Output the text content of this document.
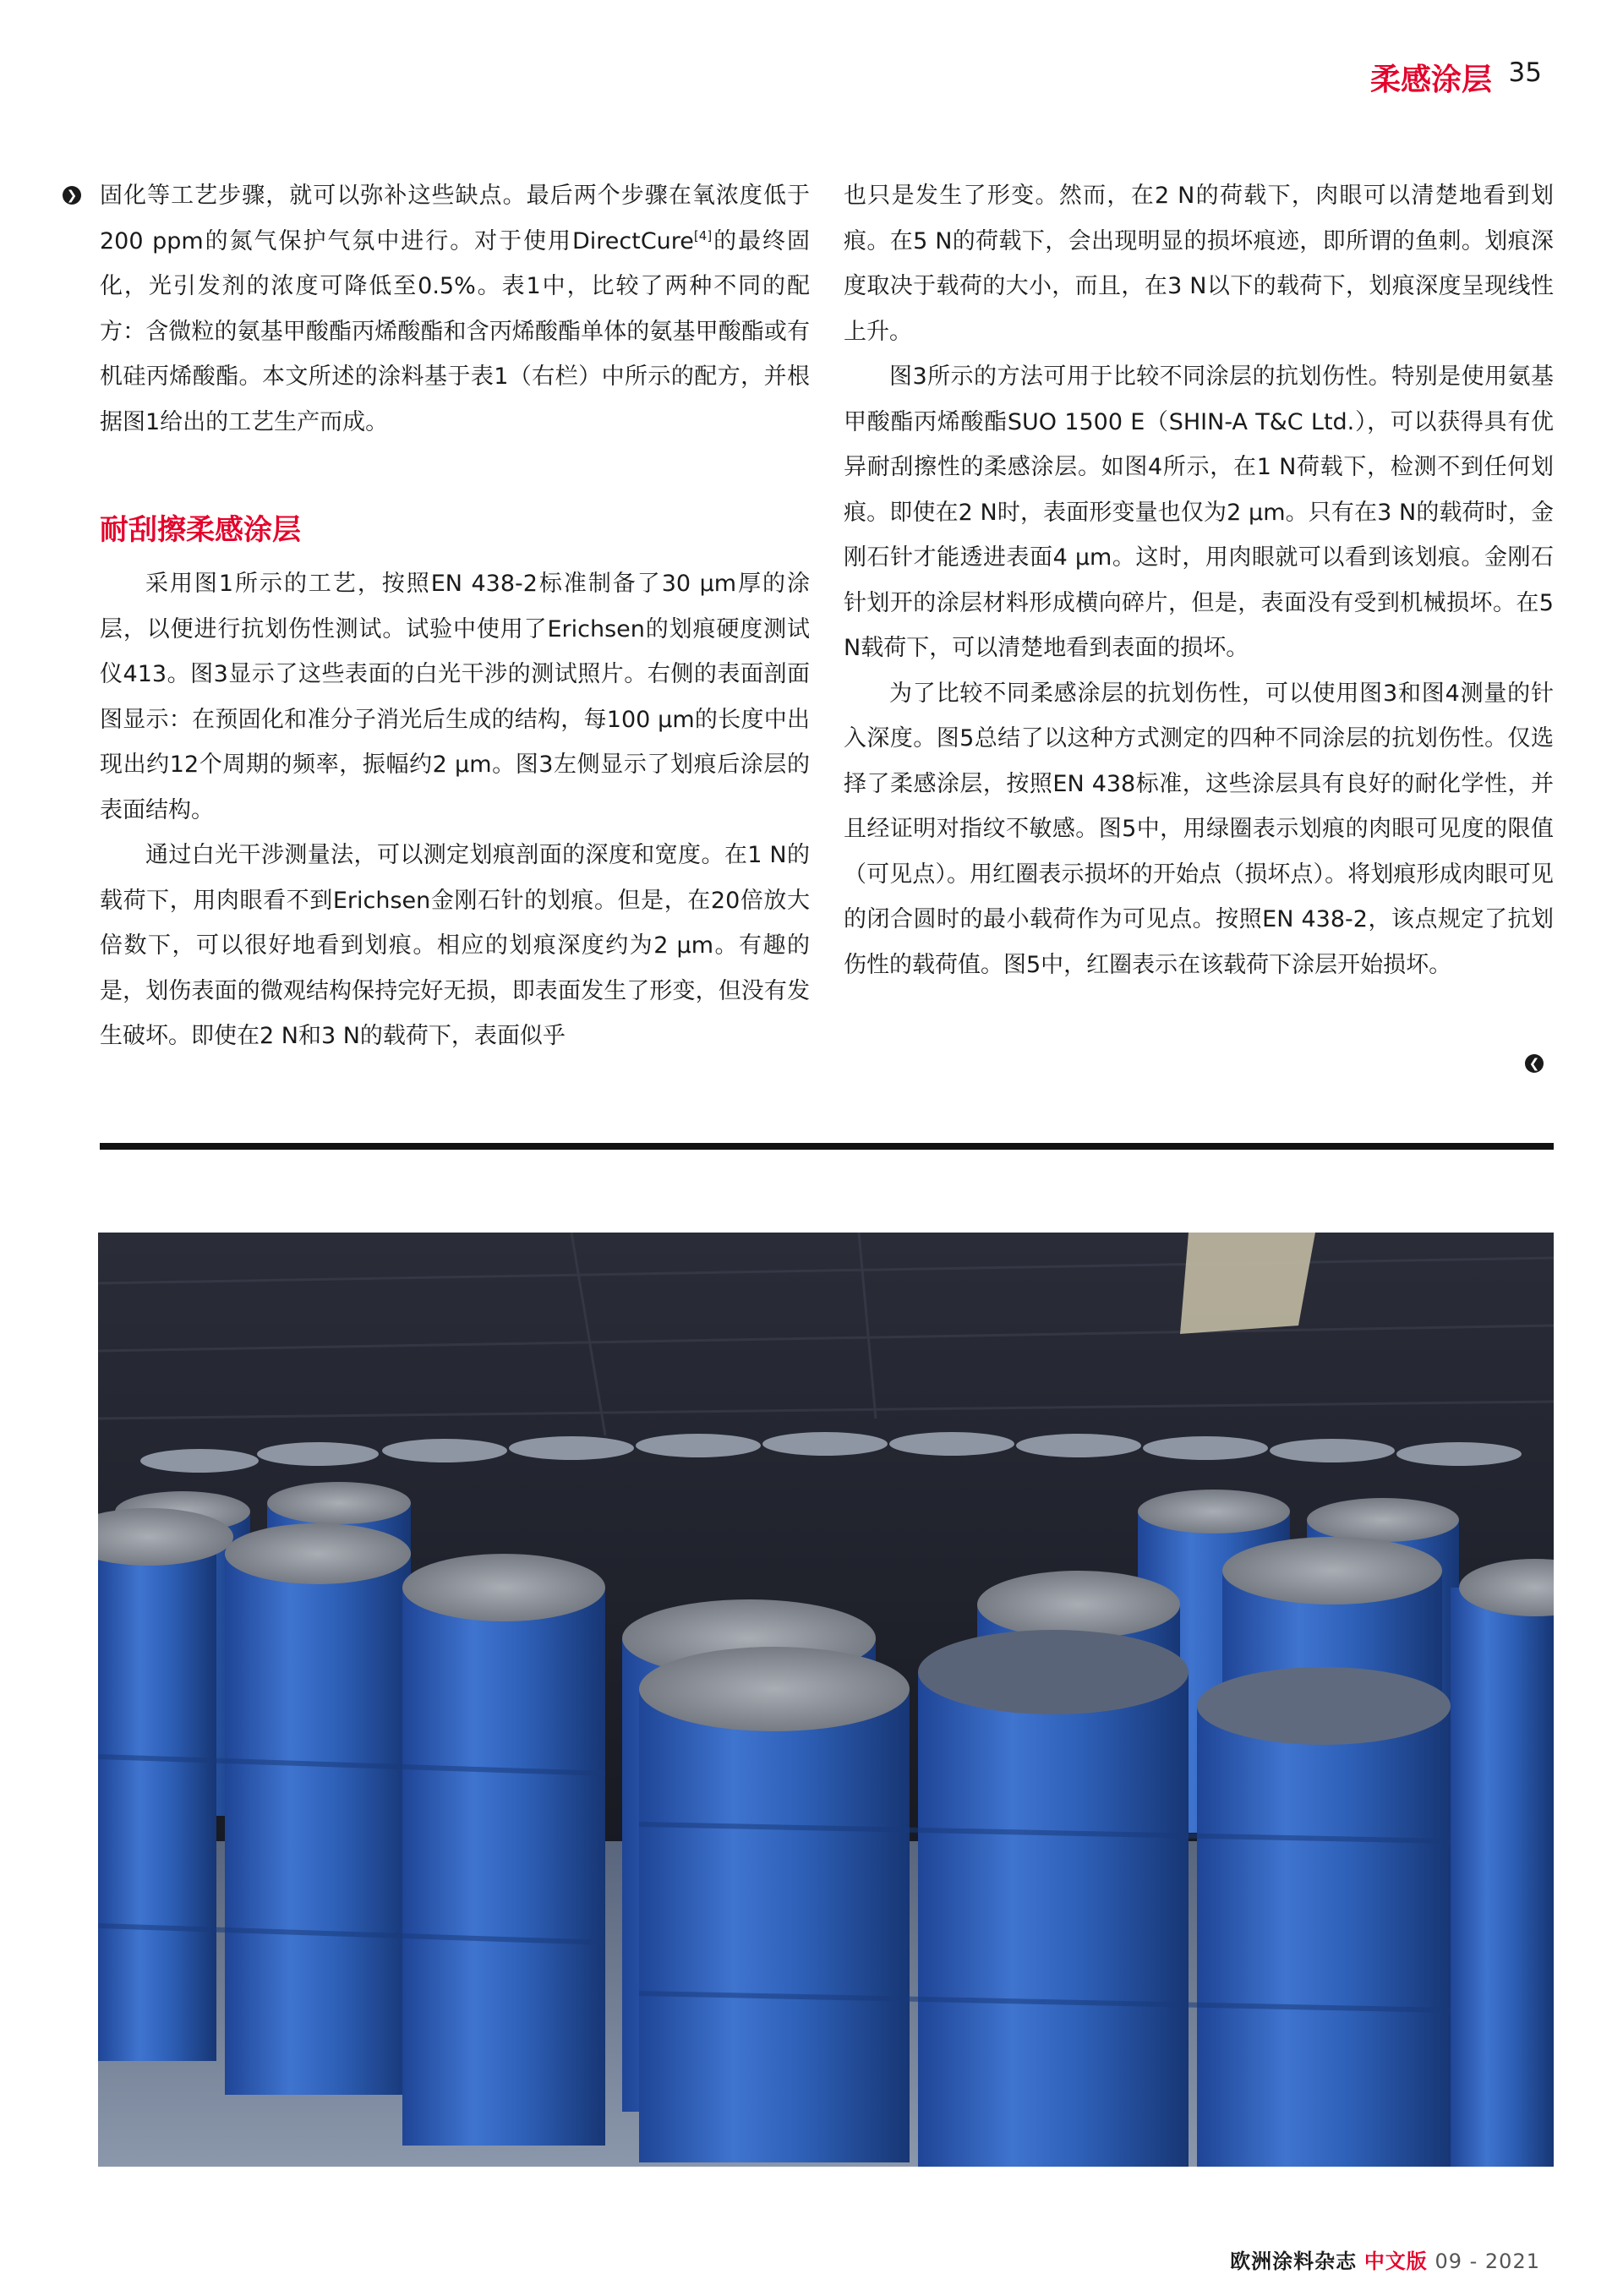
柔感涂层 35
❯ 固化等工艺步骤，就可以弥补这些缺点。最后两个步骤在氧浓度低于200 ppm的氮气保护气氛中进行。对于使用DirectCure[4]的最终固化，光引发剂的浓度可降低至0.5%。表1中，比较了两种不同的配方：含微粒的氨基甲酸酯丙烯酸酯和含丙烯酸酯单体的氨基甲酸酯或有机硅丙烯酸酯。本文所述的涂料基于表1（右栏）中所示的配方，并根据图1给出的工艺生产而成。

耐刮擦柔感涂层

采用图1所示的工艺，按照EN 438-2标准制备了30 μm厚的涂层，以便进行抗划伤性测试。试验中使用了Erichsen的划痕硬度测试仪413。图3显示了这些表面的白光干涉的测试照片。右侧的表面剖面图显示：在预固化和准分子消光后生成的结构，每100 μm的长度中出现出约12个周期的频率，振幅约2 μm。图3左侧显示了划痕后涂层的表面结构。

通过白光干涉测量法，可以测定划痕剖面的深度和宽度。在1 N的载荷下，用肉眼看不到Erichsen金刚石针的划痕。但是，在20倍放大倍数下，可以很好地看到划痕。相应的划痕深度约为2 μm。有趣的是，划伤表面的微观结构保持完好无损，即表面发生了形变，但没有发生破坏。即使在2 N和3 N的载荷下，表面似乎

也只是发生了形变。然而，在2 N的荷载下，肉眼可以清楚地看到划痕。在5 N的荷载下，会出现明显的损坏痕迹，即所谓的鱼刺。划痕深度取决于载荷的大小，而且，在3 N以下的载荷下，划痕深度呈现线性上升。

图3所示的方法可用于比较不同涂层的抗划伤性。特别是使用氨基甲酸酯丙烯酸酯SUO 1500 E（SHIN-A T&C Ltd.），可以获得具有优异耐刮擦性的柔感涂层。如图4所示，在1 N荷载下，检测不到任何划痕。即使在2 N时，表面形变量也仅为2 μm。只有在3 N的载荷时，金刚石针才能透进表面4 μm。这时，用肉眼就可以看到该划痕。金刚石针划开的涂层材料形成横向碎片，但是，表面没有受到机械损坏。在5 N载荷下，可以清楚地看到表面的损坏。

为了比较不同柔感涂层的抗划伤性，可以使用图3和图4测量的针入深度。图5总结了以这种方式测定的四种不同涂层的抗划伤性。仅选择了柔感涂层，按照EN 438标准，这些涂层具有良好的耐化学性，并且经证明对指纹不敏感。图5中，用绿圈表示划痕的肉眼可见度的限值（可见点）。用红圈表示损坏的开始点（损坏点）。将划痕形成肉眼可见的闭合圆时的最小载荷作为可见点。按照EN 438-2，该点规定了抗划伤性的载荷值。图5中，红圈表示在该载荷下涂层开始损坏。

❮
欧洲涂料杂志 中文版 09 - 2021
